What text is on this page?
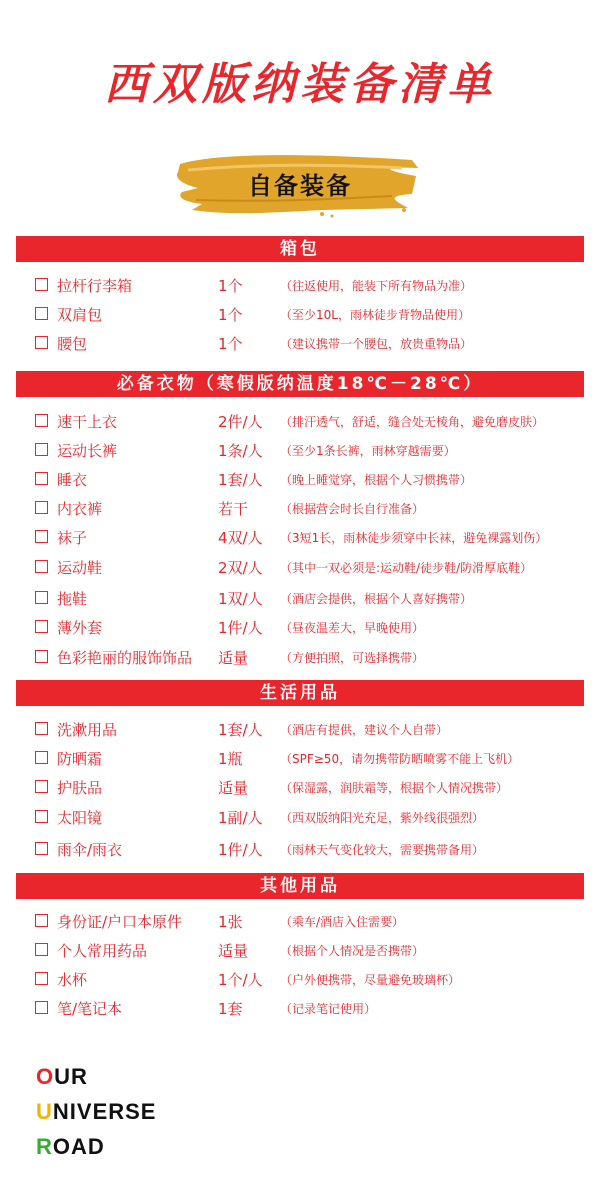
西双版纳装备清单
自备装备
箱包
拉杆行李箱	1个	（往返使用，能装下所有物品为准）
双肩包	1个	（至少10L，雨林徒步背物品使用）
腰包	1个	（建议携带一个腰包，放贵重物品）
必备衣物（寒假版纳温度18℃－28℃）
速干上衣	2件/人 （排汗透气，舒适，缝合处无棱角，避免磨皮肤）
运动长裤	1条/人 （至少1条长裤，雨林穿越需要）
睡衣	1套/人 （晚上睡觉穿，根据个人习惯携带）
内衣裤	若干	（根据营会时长自行准备）
袜子	4双/人 （3短1长，雨林徒步须穿中长袜，避免裸露划伤）
运动鞋	2双/人 （其中一双必须是:运动鞋/徒步鞋/防滑厚底鞋）
拖鞋	1双/人 （酒店会提供，根据个人喜好携带）
薄外套	1件/人 （昼夜温差大，早晚使用）
色彩艳丽的服饰饰品 适量	（方便拍照，可选择携带）
生活用品
洗漱用品	1套/人 （酒店有提供，建议个人自带）
防晒霜	1瓶	（SPF≥50，请勿携带防晒喷雾不能上飞机）
护肤品	适量	（保湿露，润肤霜等，根据个人情况携带）
太阳镜	1副/人 （西双版纳阳光充足，紫外线很强烈）
雨伞/雨衣	1件/人 （雨林天气变化较大，需要携带备用）
其他用品
身份证/户口本原件 1张	（乘车/酒店入住需要）
个人常用药品	适量	（根据个人情况是否携带）
水杯	1个/人 （户外便携带，尽量避免玻璃杯）
笔/笔记本	1套	（记录笔记使用）
OUR
UNIVERSE
ROAD
